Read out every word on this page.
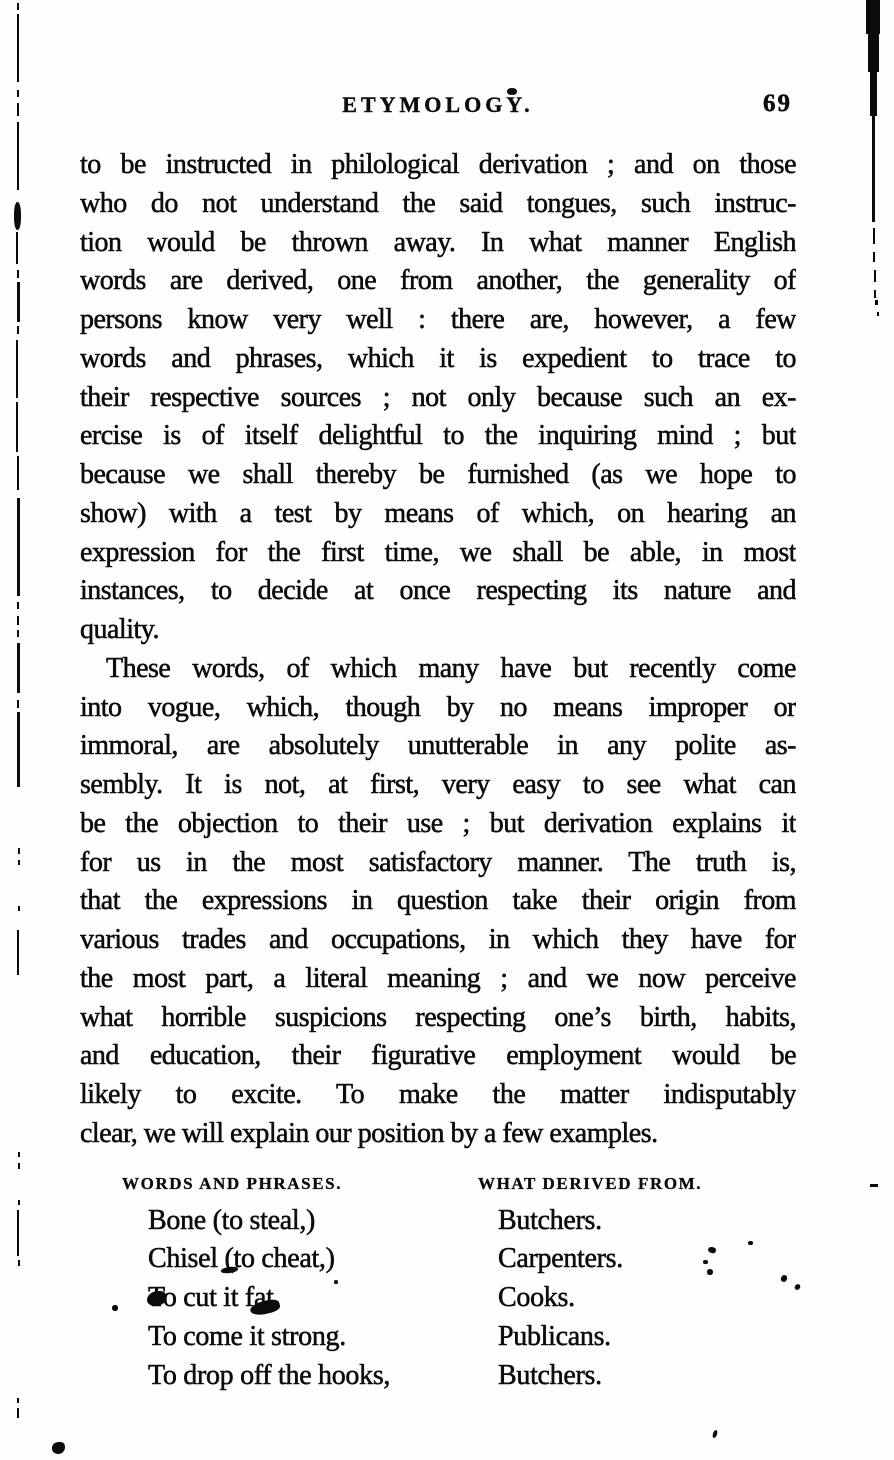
ETYMOLOGY.	69
to be instructed in philological derivation ; and on those
who do not understand the said tongues, such instruc-
tion would be thrown away. In what manner English
words are derived, one from another, the generality of
persons know very well : there are, however, a few
words and phrases, which it is expedient to trace to
their respective sources ; not only because such an ex-
ercise is of itself delightful to the inquiring mind ; but
because we shall thereby be furnished (as we hope to
show) with a test by means of which, on hearing an
expression for the first time, we shall be able, in most
instances, to decide at once respecting its nature and
quality.
These words, of which many have but recently come
into vogue, which, though by no means improper or
immoral, are absolutely unutterable in any polite as-
sembly. It is not, at first, very easy to see what can
be the objection to their use ; but derivation explains it
for us in the most satisfactory manner. The truth is,
that the expressions in question take their origin from
various trades and occupations, in which they have for
the most part, a literal meaning ; and we now perceive
what horrible suspicions respecting one’s birth, habits,
and education, their figurative employment would be
likely to excite. To make the matter indisputably
clear, we will explain our position by a few examples.
WORDS AND PHRASES.	WHAT DERIVED FROM.
Bone (to steal,)	Butchers.
Chisel (to cheat,)	Carpenters.
To cut it fat.	Cooks.
To come it strong.	Publicans.
To drop off the hooks,	Butchers.
